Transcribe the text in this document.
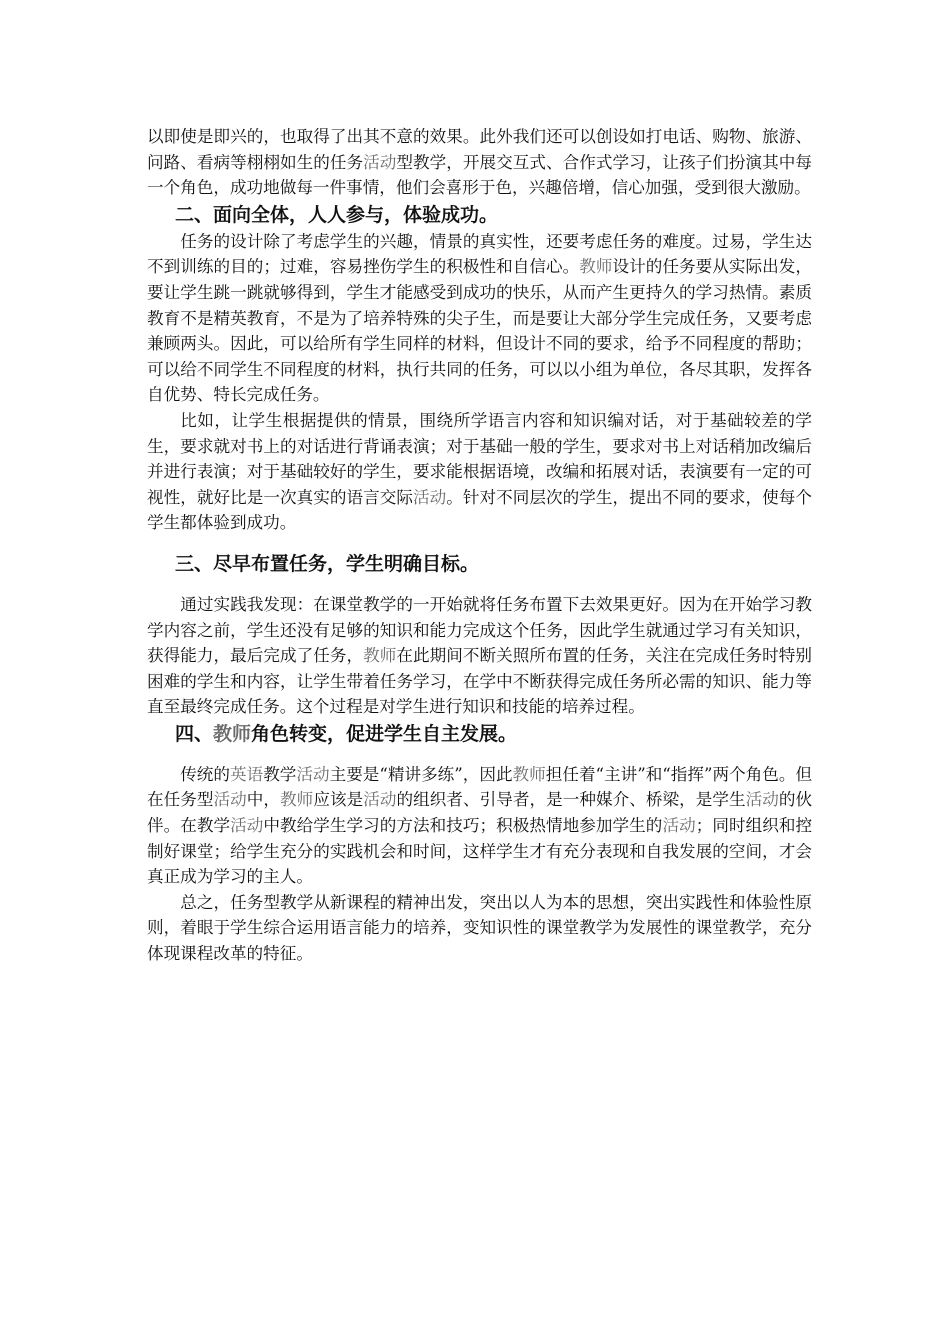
以即使是即兴的，也取得了出其不意的效果。此外我们还可以创设如打电话、购物、旅游、问路、看病等栩栩如生的任务活动型教学，开展交互式、合作式学习，让孩子们扮演其中每一个角色，成功地做每一件事情，他们会喜形于色，兴趣倍增，信心加强，受到很大激励。

二、面向全体，人人参与，体验成功。

任务的设计除了考虑学生的兴趣，情景的真实性，还要考虑任务的难度。过易，学生达不到训练的目的；过难，容易挫伤学生的积极性和自信心。教师设计的任务要从实际出发，要让学生跳一跳就够得到，学生才能感受到成功的快乐，从而产生更持久的学习热情。素质教育不是精英教育，不是为了培养特殊的尖子生，而是要让大部分学生完成任务，又要考虑兼顾两头。因此，可以给所有学生同样的材料，但设计不同的要求，给予不同程度的帮助；可以给不同学生不同程度的材料，执行共同的任务，可以以小组为单位，各尽其职，发挥各自优势、特长完成任务。

比如，让学生根据提供的情景，围绕所学语言内容和知识编对话，对于基础较差的学生，要求就对书上的对话进行背诵表演；对于基础一般的学生，要求对书上对话稍加改编后并进行表演；对于基础较好的学生，要求能根据语境，改编和拓展对话，表演要有一定的可视性，就好比是一次真实的语言交际活动。针对不同层次的学生，提出不同的要求，使每个学生都体验到成功。

三、尽早布置任务，学生明确目标。

通过实践我发现：在课堂教学的一开始就将任务布置下去效果更好。因为在开始学习教学内容之前，学生还没有足够的知识和能力完成这个任务，因此学生就通过学习有关知识，获得能力，最后完成了任务，教师在此期间不断关照所布置的任务，关注在完成任务时特别困难的学生和内容，让学生带着任务学习，在学中不断获得完成任务所必需的知识、能力等直至最终完成任务。这个过程是对学生进行知识和技能的培养过程。

四、教师角色转变，促进学生自主发展。

传统的英语教学活动主要是“精讲多练”，因此教师担任着“主讲”和“指挥”两个角色。但在任务型活动中，教师应该是活动的组织者、引导者，是一种媒介、桥梁，是学生活动的伙伴。在教学活动中教给学生学习的方法和技巧；积极热情地参加学生的活动；同时组织和控制好课堂；给学生充分的实践机会和时间，这样学生才有充分表现和自我发展的空间，才会真正成为学习的主人。

总之，任务型教学从新课程的精神出发，突出以人为本的思想，突出实践性和体验性原则，着眼于学生综合运用语言能力的培养，变知识性的课堂教学为发展性的课堂教学，充分体现课程改革的特征。
